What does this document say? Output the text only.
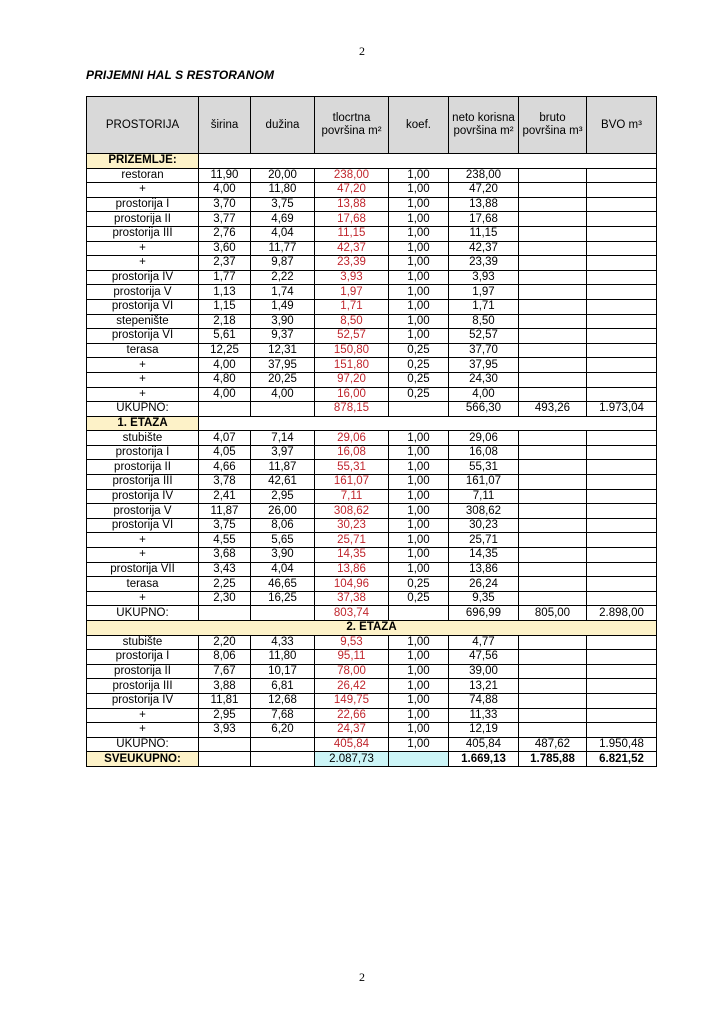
2
PRIJEMNI HAL S RESTORANOM
PROSTORIJA	širina	dužina	tlocrtna površina m²	koef.	neto korisna površina m²	bruto površina m³	BVO m³
PRIZEMLJE:							
restoran	11,90	20,00	238,00	1,00	238,00		
+	4,00	11,80	47,20	1,00	47,20		
prostorija I	3,70	3,75	13,88	1,00	13,88		
prostorija II	3,77	4,69	17,68	1,00	17,68		
prostorija III	2,76	4,04	11,15	1,00	11,15		
+	3,60	11,77	42,37	1,00	42,37		
+	2,37	9,87	23,39	1,00	23,39		
prostorija IV	1,77	2,22	3,93	1,00	3,93		
prostorija V	1,13	1,74	1,97	1,00	1,97		
prostorija VI	1,15	1,49	1,71	1,00	1,71		
stepenište	2,18	3,90	8,50	1,00	8,50		
prostorija VI	5,61	9,37	52,57	1,00	52,57		
terasa	12,25	12,31	150,80	0,25	37,70		
+	4,00	37,95	151,80	0,25	37,95		
+	4,80	20,25	97,20	0,25	24,30		
+	4,00	4,00	16,00	0,25	4,00		
UKUPNO:			878,15		566,30	493,26	1.973,04
1. ETAŽA							
stubište	4,07	7,14	29,06	1,00	29,06		
prostorija I	4,05	3,97	16,08	1,00	16,08		
prostorija II	4,66	11,87	55,31	1,00	55,31		
prostorija III	3,78	42,61	161,07	1,00	161,07		
prostorija IV	2,41	2,95	7,11	1,00	7,11		
prostorija V	11,87	26,00	308,62	1,00	308,62		
prostorija VI	3,75	8,06	30,23	1,00	30,23		
+	4,55	5,65	25,71	1,00	25,71		
+	3,68	3,90	14,35	1,00	14,35		
prostorija VII	3,43	4,04	13,86	1,00	13,86		
terasa	2,25	46,65	104,96	0,25	26,24		
+	2,30	16,25	37,38	0,25	9,35		
UKUPNO:			803,74		696,99	805,00	2.898,00
2. ETAŽA							
stubište	2,20	4,33	9,53	1,00	4,77		
prostorija I	8,06	11,80	95,11	1,00	47,56		
prostorija II	7,67	10,17	78,00	1,00	39,00		
prostorija III	3,88	6,81	26,42	1,00	13,21		
prostorija IV	11,81	12,68	149,75	1,00	74,88		
+	2,95	7,68	22,66	1,00	11,33		
+	3,93	6,20	24,37	1,00	12,19		
UKUPNO:			405,84	1,00	405,84	487,62	1.950,48
SVEUKUPNO:			2.087,73		1.669,13	1.785,88	6.821,52
2
